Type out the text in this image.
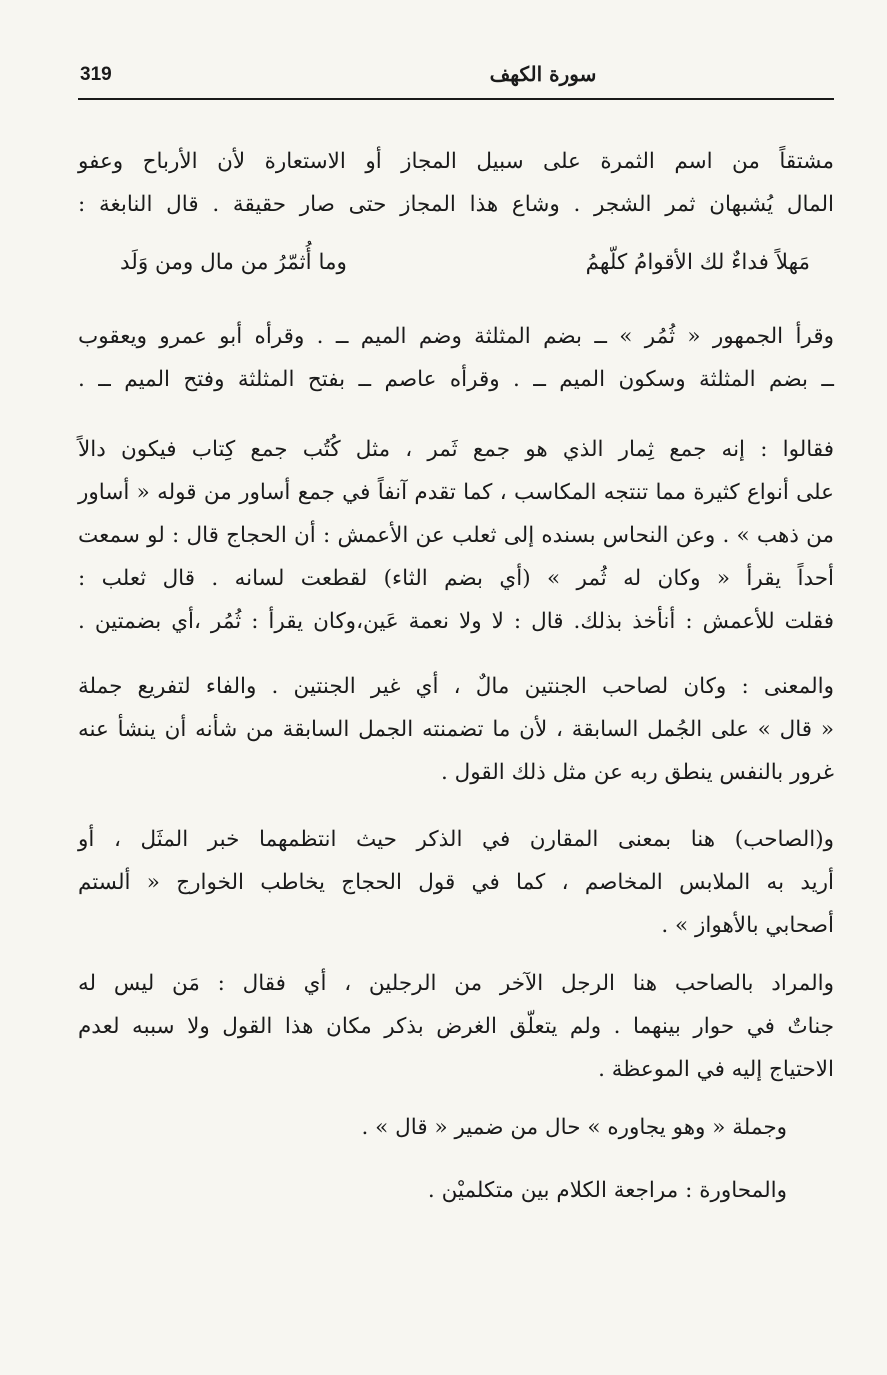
319	سورة الكهف
مشتقاً من اسم الثمرة على سبيل المجاز أو الاستعارة لأن الأرباح وعفو
المال يُشبهان ثمر الشجر . وشاع هذا المجاز حتى صار حقيقة . قال النابغة :
مَهلاً فداءٌ لك الأقوامُ كلّهمُ
وما أُثمّرُ من مال ومن وَلَد
وقرأ الجمهور « ثُمُر » ــ بضم المثلثة وضم الميم ــ . وقرأه أبو عمرو ويعقوب
ــ بضم المثلثة وسكون الميم ــ . وقرأه عاصم ــ بفتح المثلثة وفتح الميم ــ .
فقالوا : إنه جمع ثِمار الذي هو جمع ثَمر ، مثل كُتُب جمع كِتاب فيكون دالاً
على أنواع كثيرة مما تنتجه المكاسب ، كما تقدم آنفاً في جمع أساور من قوله « أساور
من ذهب » . وعن النحاس بسنده إلى ثعلب عن الأعمش : أن الحجاج قال : لو سمعت
أحداً يقرأ « وكان له ثُمر » (أي بضم الثاء) لقطعت لسانه . قال ثعلب :
فقلت للأعمش : أنأخذ بذلك. قال : لا ولا نعمة عَين،وكان يقرأ : ثُمُر ،أي بضمتين .
والمعنى : وكان لصاحب الجنتين مالٌ ، أي غير الجنتين . والفاء لتفريع جملة
« قال » على الجُمل السابقة ، لأن ما تضمنته الجمل السابقة من شأنه أن ينشأ عنه
غرور بالنفس ينطق ربه عن مثل ذلك القول .
و(الصاحب) هنا بمعنى المقارن في الذكر حيث انتظمهما خبر المثَل ، أو
أريد به الملابس المخاصم ، كما في قول الحجاج يخاطب الخوارج « ألستم
أصحابي بالأهواز » .
والمراد بالصاحب هنا الرجل الآخر من الرجلين ، أي فقال : مَن ليس له
جناتٌ في حوار بينهما . ولم يتعلّق الغرض بذكر مكان هذا القول ولا سببه لعدم
الاحتياج إليه في الموعظة .
وجملة « وهو يجاوره » حال من ضمير « قال » .
والمحاورة : مراجعة الكلام بين متكلميْن .
